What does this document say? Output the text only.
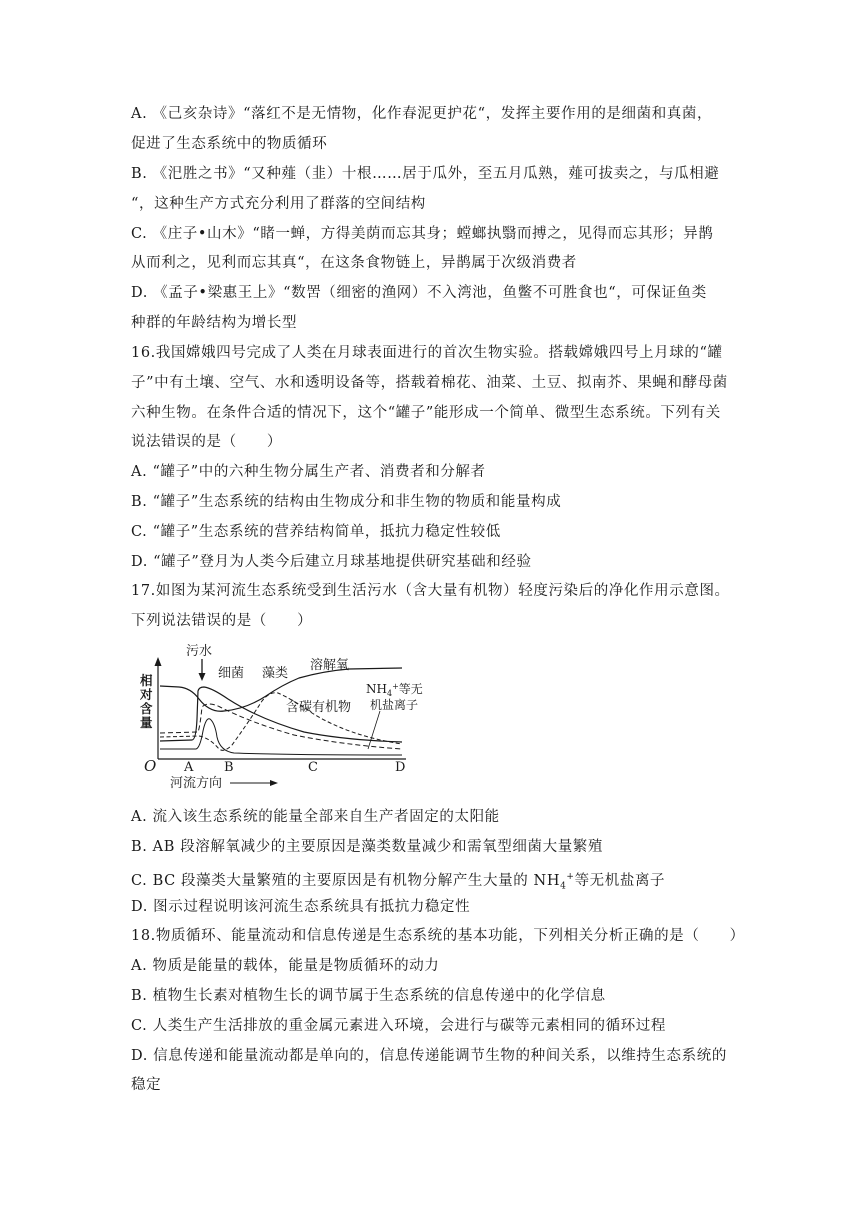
A. 《己亥杂诗》“落红不是无情物，化作春泥更护花“，发挥主要作用的是细菌和真菌，
促进了生态系统中的物质循环
B. 《汜胜之书》“又种薤（韭）十根……居于瓜外，至五月瓜熟，薤可拔卖之，与瓜相避
“，这种生产方式充分利用了群落的空间结构
C. 《庄子•山木》“睹一蝉，方得美荫而忘其身；螳螂执翳而搏之，见得而忘其形；异鹊
从而利之，见利而忘其真“，在这条食物链上，异鹊属于次级消费者
D. 《孟子•梁惠王上》“数罟（细密的渔网）不入湾池，鱼鳖不可胜食也“，可保证鱼类
种群的年龄结构为增长型
16.我国嫦娥四号完成了人类在月球表面进行的首次生物实验。搭载嫦娥四号上月球的“罐
子”中有土壤、空气、水和透明设备等，搭载着棉花、油菜、土豆、拟南芥、果蝇和酵母菌
六种生物。在条件合适的情况下，这个“罐子”能形成一个简单、微型生态系统。下列有关
说法错误的是（　　）
A. “罐子”中的六种生物分属生产者、消费者和分解者
B. “罐子”生态系统的结构由生物成分和非生物的物质和能量构成
C. “罐子”生态系统的营养结构简单，抵抗力稳定性较低
D. “罐子”登月为人类今后建立月球基地提供研究基础和经验
17.如图为某河流生态系统受到生活污水（含大量有机物）轻度污染后的净化作用示意图。
下列说法错误的是（　　）
污水
细菌 藻类
溶解氧
含碳有机物
$NH_4^+$等无
机盐离子
相 对 含 量
O A B	C	D
河流方向
A. 流入该生态系统的能量全部来自生产者固定的太阳能
B. AB 段溶解氧减少的主要原因是藻类数量减少和需氧型细菌大量繁殖
C. BC 段藻类大量繁殖的主要原因是有机物分解产生大量的 $NH_4^+$等无机盐离子
D. 图示过程说明该河流生态系统具有抵抗力稳定性
18.物质循环、能量流动和信息传递是生态系统的基本功能，下列相关分析正确的是（　　）
A. 物质是能量的载体，能量是物质循环的动力
B. 植物生长素对植物生长的调节属于生态系统的信息传递中的化学信息
C. 人类生产生活排放的重金属元素进入环境，会进行与碳等元素相同的循环过程
D. 信息传递和能量流动都是单向的，信息传递能调节生物的种间关系，以维持生态系统的
稳定
